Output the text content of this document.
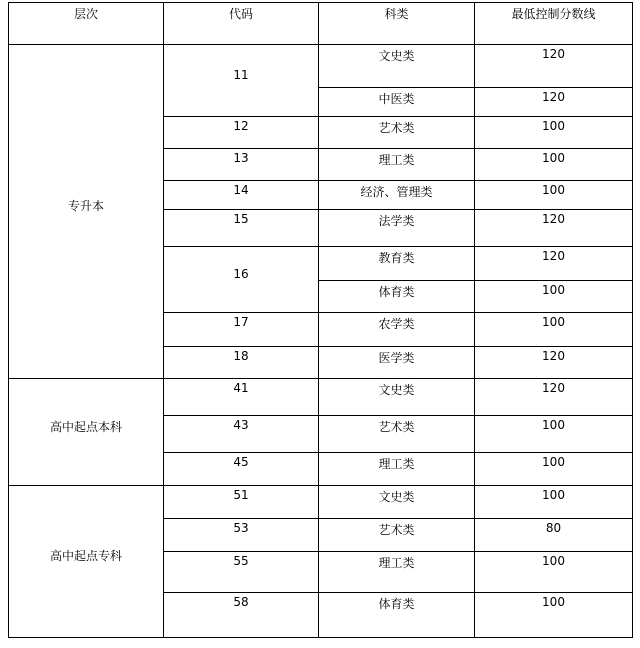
层次	代码	科类	最低控制分数线

专升本	11	文史类	120

		中医类	120

	12	艺术类	100

	13	理工类	100

	14	经济、管理类	100

	15	法学类	120

	16	教育类	120

		体育类	100

	17	农学类	100

	18	医学类	120

高中起点本科	41	文史类	120

	43	艺术类	100

	45	理工类	100

高中起点专科	51	文史类	100

	53	艺术类	80

	55	理工类	100

	58	体育类	100
